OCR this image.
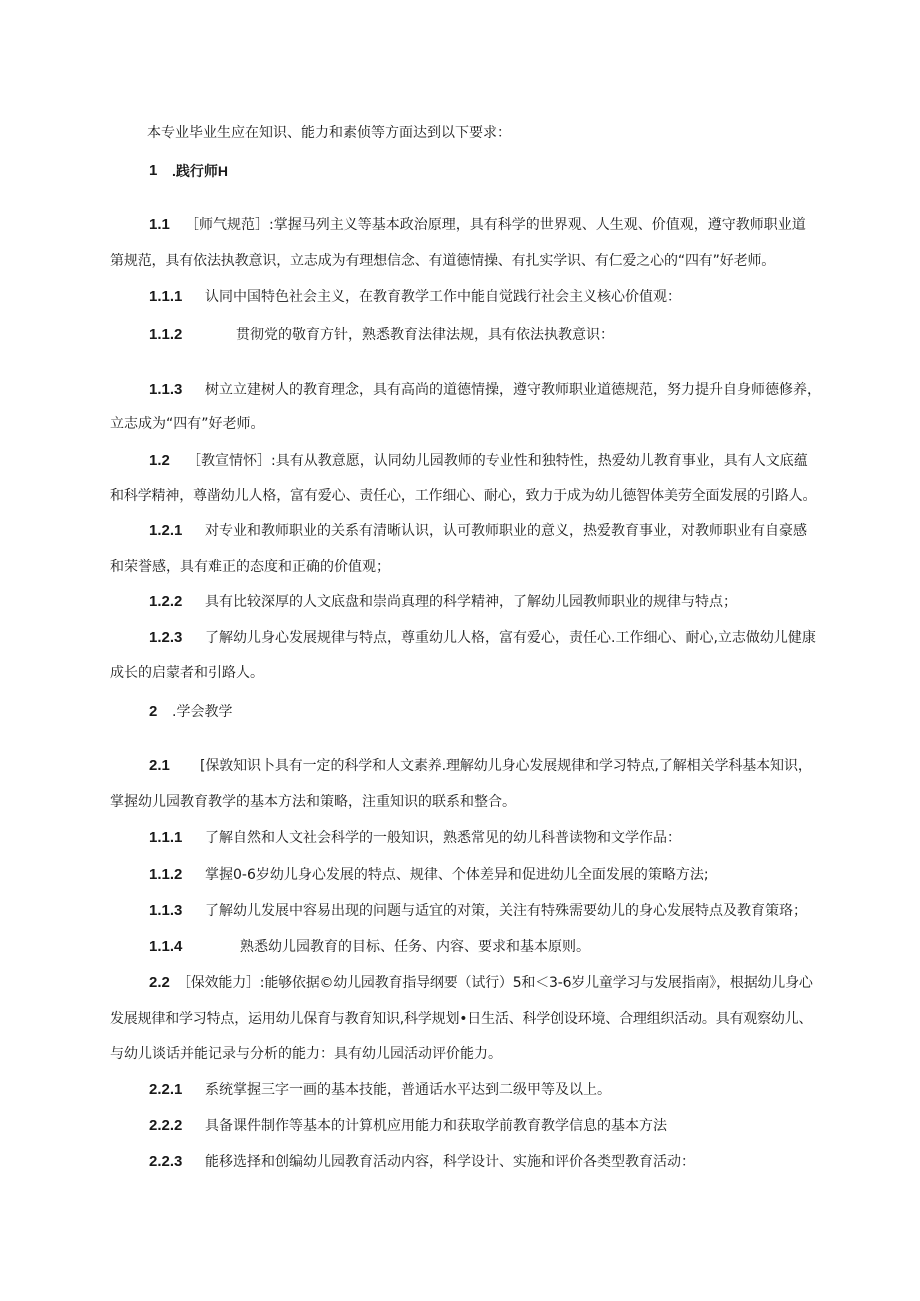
本专业毕业生应在知识、能力和素侦等方面达到以下要求：
1 .践行师H
1.1 ［师气规范］:掌握马列主义等基本政治原理，具有科学的世界观、人生观、价值观，遵守教师职业道
第规范，具有依法执教意识，立志成为有理想信念、有道德情操、有扎实学识、有仁爱之心的“四有”好老师。
1.1.1 认同中国特色社会主义，在教育教学工作中能自觉践行社会主义核心价值观：
1.1.2	贯彻党的敬育方针，熟悉教育法律法规，具有依法执教意识：
1.1.3 树立立建树人的教育理念，具有高尚的道德情操，遵守教师职业道德规范，努力提升自身师德修养，
立志成为“四有”好老师。
1.2 ［教宣情怀］:具有从教意愿，认同幼儿园教师的专业性和独特性，热爱幼儿教育事业，具有人文底蕴
和科学精神，尊凿幼儿人格，富有爱心、责任心，工作细心、耐心，致力于成为幼儿德智体美劳全面发展的引路人。
1.2.1 对专业和教师职业的关系有清晰认识，认可教师职业的意义，热爱教育事业，对教师职业有自豪感
和荣誉感，具有难正的态度和正确的价值观；
1.2.2 具有比较深厚的人文底盘和崇尚真理的科学精神，了解幼儿园教师职业的规律与特点；
1.2.3 了解幼儿身心发展规律与特点，尊重幼儿人格，富有爱心，责任心.工作细心、耐心,立志做幼儿健康
成长的启蒙者和引路人。
2 .学会教学
2.1 [保敦知识卜具有一定的科学和人文素养.理解幼儿身心发展规律和学习特点,了解相关学科基本知识，
掌握幼儿园教育教学的基本方法和策略，注重知识的联系和整合。
1.1.1 了解自然和人文社会科学的一般知识，熟悉常见的幼儿科普读物和文学作品：
1.1.2 掌握0-6岁幼儿身心发展的特点、规律、个体差异和促进幼儿全面发展的策略方法;
1.1.3 了解幼儿发展中容易出现的问题与适宜的对策，关注有特殊需要幼儿的身心发展特点及教育策珞；
1.1.4	熟悉幼儿园教育的目标、任务、内容、要求和基本原则。
2.2 ［保效能力］:能够依据©幼儿园教育指导纲要（试行）5和＜3-6岁儿童学习与发展指南》，根据幼儿身心
发展规律和学习特点，运用幼儿保育与教育知识,科学规划•日生活、科学创设环境、合理组织活动。具有观察幼儿、
与幼儿谈话并能记录与分析的能力：具有幼儿园活动评价能力。
2.2.1 系统掌握三字一画的基本技能，普通话水平达到二级甲等及以上。
2.2.2 具备课件制作等基本的计算机应用能力和获取学前教育教学信息的基本方法
2.2.3 能移选择和创编幼儿园教育活动内容，科学设计、实施和评价各类型教育活动：
